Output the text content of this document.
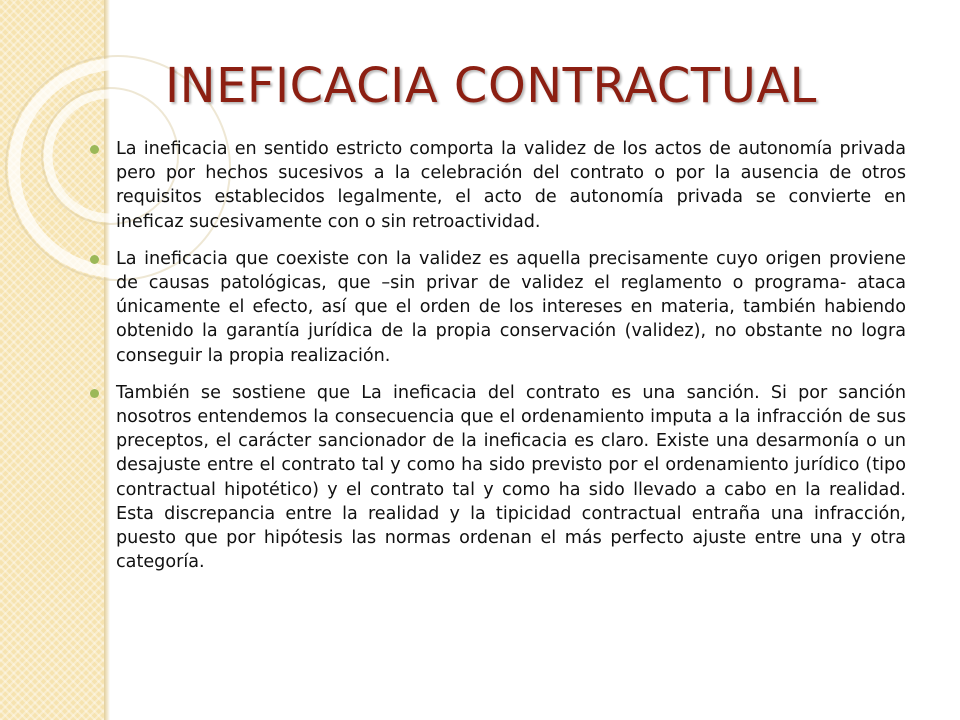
INEFICACIA CONTRACTUAL
La ineficacia en sentido estricto comporta la validez de los actos de autonomía privada pero por hechos sucesivos a la celebración del contrato o por la ausencia de otros requisitos establecidos legalmente, el acto de autonomía privada se convierte en ineficaz sucesivamente con o sin retroactividad.
La ineficacia que coexiste con la validez es aquella precisamente cuyo origen proviene de causas patológicas, que –sin privar de validez el reglamento o programa- ataca únicamente el efecto, así que el orden de los intereses en materia, también habiendo obtenido la garantía jurídica de la propia conservación (validez), no obstante no logra conseguir la propia realización.
También se sostiene que La ineficacia del contrato es una sanción. Si por sanción nosotros entendemos la consecuencia que el ordenamiento imputa a la infracción de sus preceptos, el carácter sancionador de la ineficacia es claro. Existe una desarmonía o un desajuste entre el contrato tal y como ha sido previsto por el ordenamiento jurídico (tipo contractual hipotético) y el contrato tal y como ha sido llevado a cabo en la realidad. Esta discrepancia entre la realidad y la tipicidad contractual entraña una infracción, puesto que por hipótesis las normas ordenan el más perfecto ajuste entre una y otra categoría.
